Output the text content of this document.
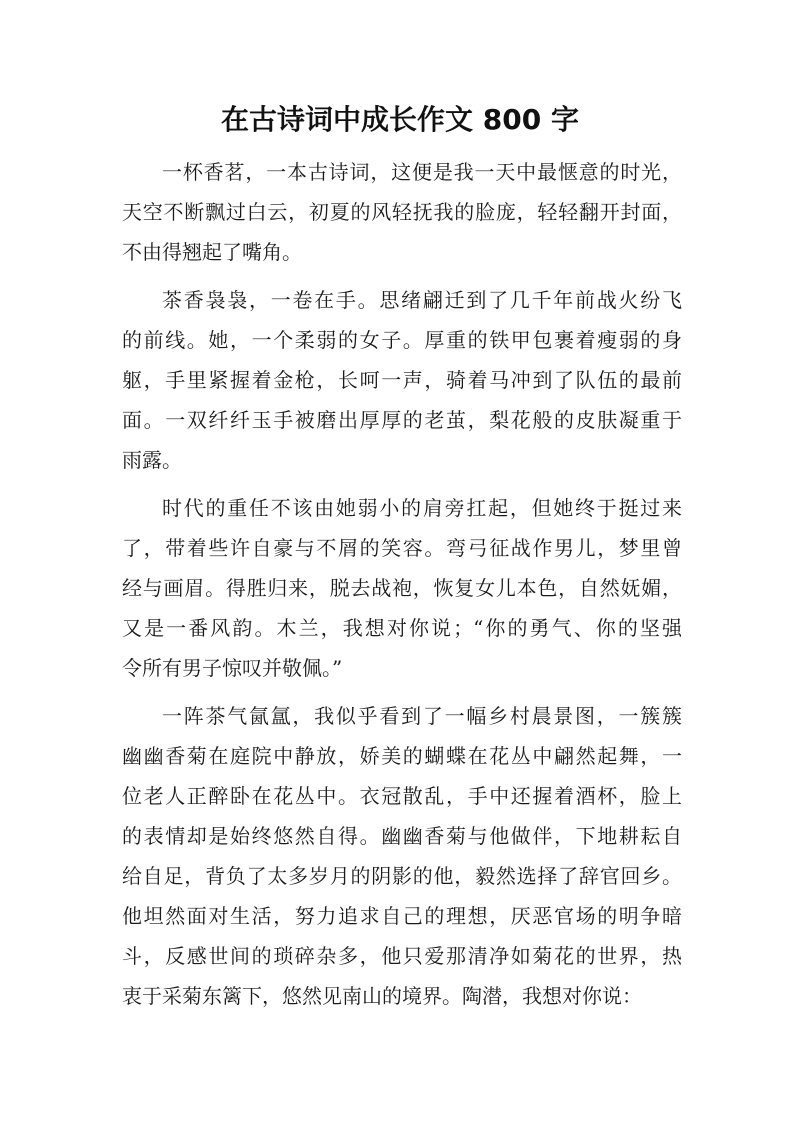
在古诗词中成长作文 800 字
一杯香茗，一本古诗词，这便是我一天中最惬意的时光，
天空不断飘过白云，初夏的风轻抚我的脸庞，轻轻翻开封面，
不由得翘起了嘴角。
茶香袅袅，一卷在手。思绪翩迁到了几千年前战火纷飞
的前线。她，一个柔弱的女子。厚重的铁甲包裹着瘦弱的身
躯，手里紧握着金枪，长呵一声，骑着马冲到了队伍的最前
面。一双纤纤玉手被磨出厚厚的老茧，梨花般的皮肤凝重于
雨露。
时代的重任不该由她弱小的肩旁扛起，但她终于挺过来
了，带着些许自豪与不屑的笑容。弯弓征战作男儿，梦里曾
经与画眉。得胜归来，脱去战袍，恢复女儿本色，自然妩媚，
又是一番风韵。木兰，我想对你说；“你的勇气、你的坚强
令所有男子惊叹并敬佩。”
一阵茶气氤氲，我似乎看到了一幅乡村晨景图，一簇簇
幽幽香菊在庭院中静放，娇美的蝴蝶在花丛中翩然起舞，一
位老人正醉卧在花丛中。衣冠散乱，手中还握着酒杯，脸上
的表情却是始终悠然自得。幽幽香菊与他做伴，下地耕耘自
给自足，背负了太多岁月的阴影的他，毅然选择了辞官回乡。
他坦然面对生活，努力追求自己的理想，厌恶官场的明争暗
斗，反感世间的琐碎杂多，他只爱那清净如菊花的世界，热
衷于采菊东篱下，悠然见南山的境界。陶潜，我想对你说：
